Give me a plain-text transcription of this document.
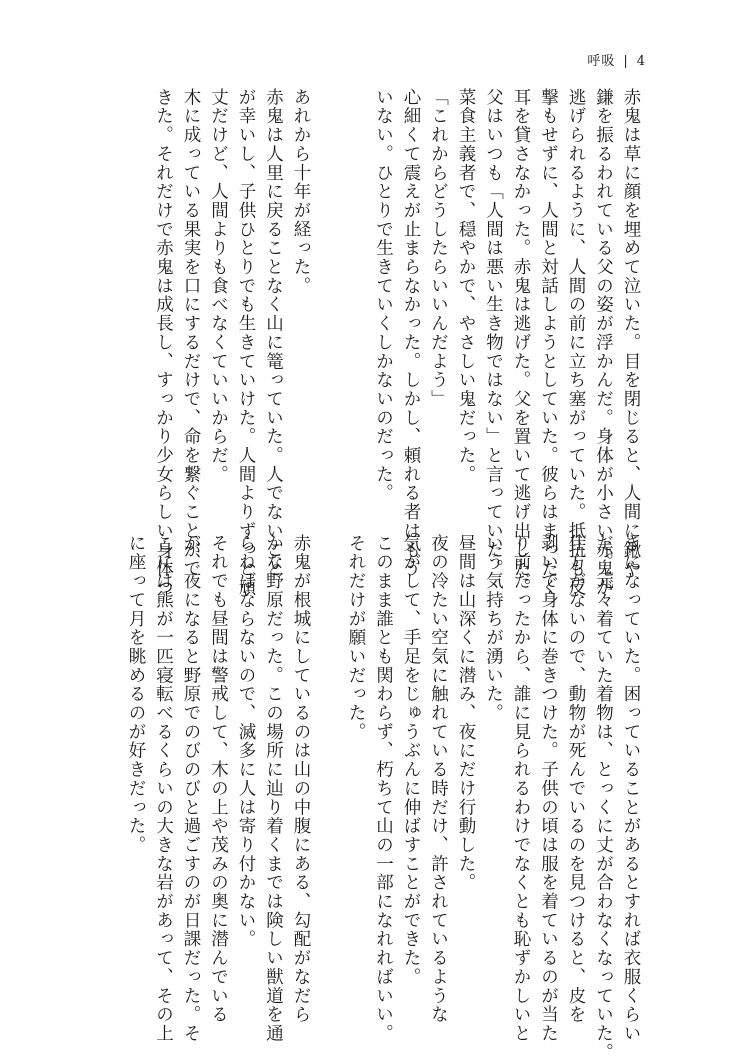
呼吸 | 4

赤鬼は草に顔を埋めて泣いた。目を閉じると、人間に鍬や

鎌を振るわれている父の姿が浮かんだ。身体が小さい赤鬼が

逃げられるように、人間の前に立ち塞がっていた。抵抗も反

撃もせずに、人間と対話しようとしていた。彼らはまったく

耳を貸さなかった。赤鬼は逃げた。父を置いて逃げ出した。

父はいつも「人間は悪い生き物ではない」と言っていた。

菜食主義者で、穏やかで、やさしい鬼だった。

「これからどうしたらいいんだよう」

心細くて震えが止まらなかった。しかし、頼れる者はもう

いない。ひとりで生きていくしかないのだった。

あれから十年が経った。

赤鬼は人里に戻ることなく山に篭っていた。人でないこと

が幸いし、子供ひとりでも生きていけた。人間よりずっと頑

丈だけど、人間よりも食べなくていいからだ。

木に成っている果実を口にするだけで、命を繋ぐことがで

きた。それだけで赤鬼は成長し、すっかり少女らしい身体つ

きになっていた。困っていることがあるとすれば衣服くらい

だ。元々着ていた着物は、とっくに丈が合わなくなっていた。

仕方がないので、動物が死んでいるのを見つけると、皮を

剥いで身体に巻きつけた。子供の頃は服を着ているのが当た

り前だったから、誰に見られるわけでなくとも恥ずかしいと

いう気持ちが湧いた。

昼間は山深くに潜み、夜にだけ行動した。

夜の冷たい空気に触れている時だけ、許されているような

気がして、手足をじゅうぶんに伸ばすことができた。

このまま誰とも関わらず、朽ちて山の一部になれればいい。

それだけが願いだった。

赤鬼が根城にしているのは山の中腹にある、勾配がなだら

かな野原だった。この場所に辿り着くまでは険しい獣道を通

らねばならないので、滅多に人は寄り付かない。

それでも昼間は警戒して、木の上や茂みの奥に潜んでいる

が、夜になると野原でのびのびと過ごすのが日課だった。そ

こには熊が一匹寝転べるくらいの大きな岩があって、その上

に座って月を眺めるのが好きだった。
